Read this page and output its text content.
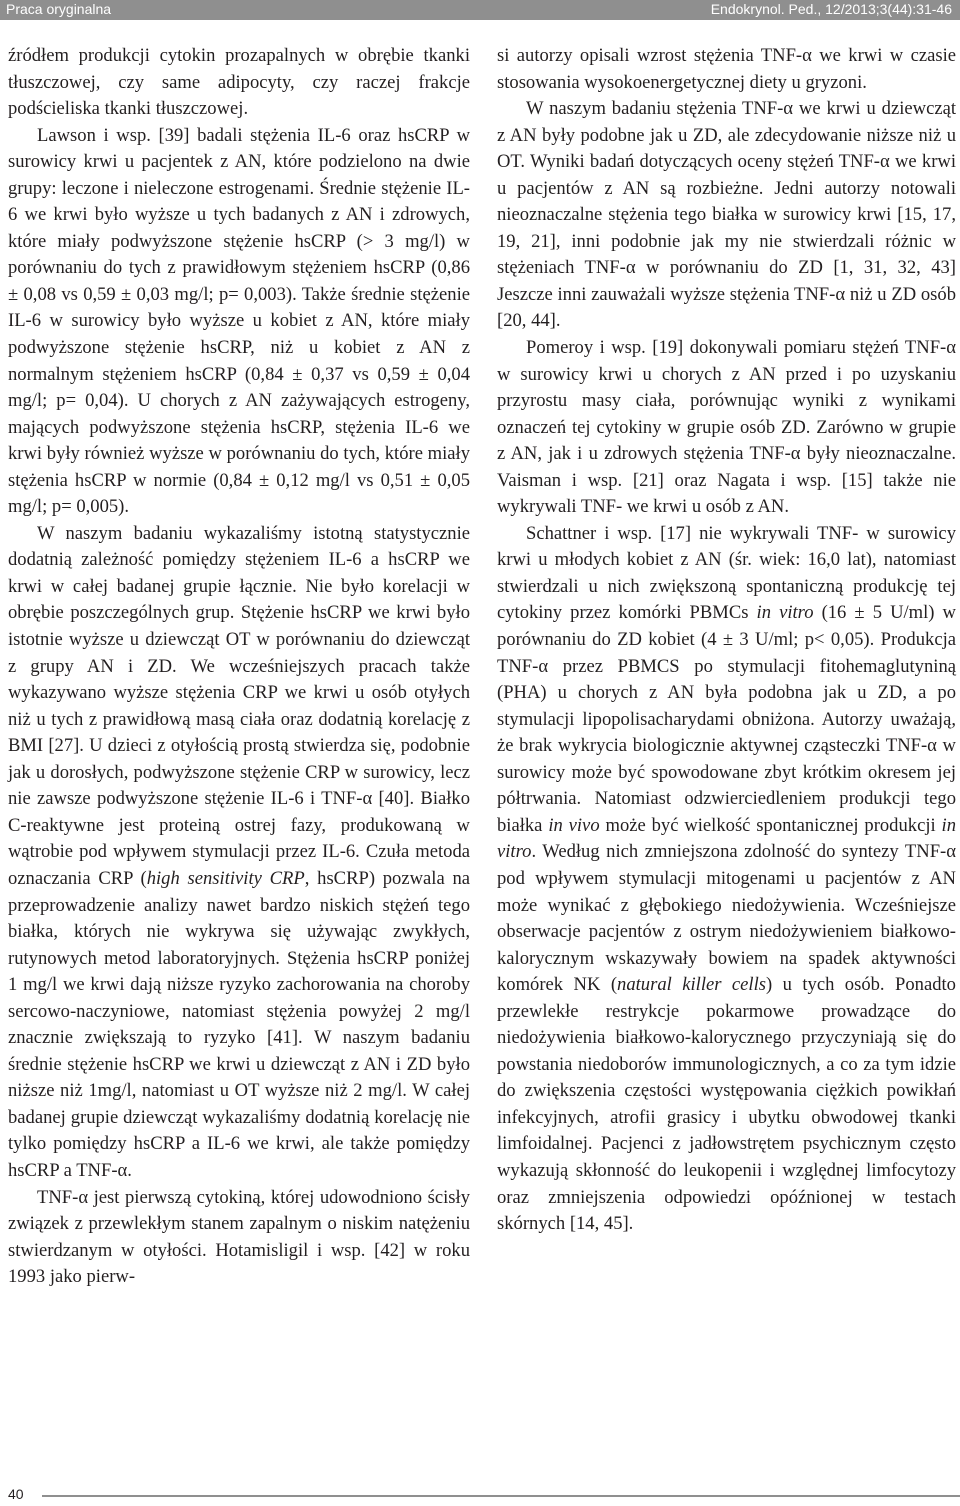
Praca oryginalna	Endokrynol. Ped., 12/2013;3(44):31-46

źródłem produkcji cytokin prozapalnych w obrębie tkanki tłuszczowej, czy same adipocyty, czy raczej frakcje podścieliska tkanki tłuszczowej.

Lawson i wsp. [39] badali stężenia IL-6 oraz hsCRP w surowicy krwi u pacjentek z AN, które podzielono na dwie grupy: leczone i nieleczone estrogenami. Średnie stężenie IL-6 we krwi było wyższe u tych badanych z AN i zdrowych, które miały podwyższone stężenie hsCRP (> 3 mg/l) w porównaniu do tych z prawidłowym stężeniem hsCRP (0,86 ± 0,08 vs 0,59 ± 0,03 mg/l; p= 0,003). Także średnie stężenie IL-6 w surowicy było wyższe u kobiet z AN, które miały podwyższone stężenie hsCRP, niż u kobiet z AN z normalnym stężeniem hsCRP (0,84 ± 0,37 vs 0,59 ± 0,04 mg/l; p= 0,04). U chorych z AN zażywających estrogeny, mających podwyższone stężenia hsCRP, stężenia IL-6 we krwi były również wyższe w porównaniu do tych, które miały stężenia hsCRP w normie (0,84 ± 0,12 mg/l vs 0,51 ± 0,05 mg/l; p= 0,005).

W naszym badaniu wykazaliśmy istotną statystycznie dodatnią zależność pomiędzy stężeniem IL-6 a hsCRP we krwi w całej badanej grupie łącznie. Nie było korelacji w obrębie poszczególnych grup. Stężenie hsCRP we krwi było istotnie wyższe u dziewcząt OT w porównaniu do dziewcząt z grupy AN i ZD. We wcześniejszych pracach także wykazywano wyższe stężenia CRP we krwi u osób otyłych niż u tych z prawidłową masą ciała oraz dodatnią korelację z BMI [27]. U dzieci z otyłością prostą stwierdza się, podobnie jak u dorosłych, podwyższone stężenie CRP w surowicy, lecz nie zawsze podwyższone stężenie IL-6 i TNF-α [40]. Białko C-reaktywne jest proteiną ostrej fazy, produkowaną w wątrobie pod wpływem stymulacji przez IL-6. Czuła metoda oznaczania CRP (high sensitivity CRP, hsCRP) pozwala na przeprowadzenie analizy nawet bardzo niskich stężeń tego białka, których nie wykrywa się używając zwykłych, rutynowych metod laboratoryjnych. Stężenia hsCRP poniżej 1 mg/l we krwi dają niższe ryzyko zachorowania na choroby sercowo-naczyniowe, natomiast stężenia powyżej 2 mg/l znacznie zwiększają to ryzyko [41]. W naszym badaniu średnie stężenie hsCRP we krwi u dziewcząt z AN i ZD było niższe niż 1mg/l, natomiast u OT wyższe niż 2 mg/l. W całej badanej grupie dziewcząt wykazaliśmy dodatnią korelację nie tylko pomiędzy hsCRP a IL-6 we krwi, ale także pomiędzy hsCRP a TNF-α.

TNF-α jest pierwszą cytokiną, której udowodniono ścisły związek z przewlekłym stanem zapalnym o niskim natężeniu stwierdzanym w otyłości. Hotamisligil i wsp. [42] w roku 1993 jako pierw-

si autorzy opisali wzrost stężenia TNF-α we krwi w czasie stosowania wysokoenergetycznej diety u gryzoni.

W naszym badaniu stężenia TNF-α we krwi u dziewcząt z AN były podobne jak u ZD, ale zdecydowanie niższe niż u OT. Wyniki badań dotyczących oceny stężeń TNF-α we krwi u pacjentów z AN są rozbieżne. Jedni autorzy notowali nieoznaczalne stężenia tego białka w surowicy krwi [15, 17, 19, 21], inni podobnie jak my nie stwierdzali różnic w stężeniach TNF-α w porównaniu do ZD [1, 31, 32, 43] Jeszcze inni zauważali wyższe stężenia TNF-α niż u ZD osób [20, 44].

Pomeroy i wsp. [19] dokonywali pomiaru stężeń TNF-α w surowicy krwi u chorych z AN przed i po uzyskaniu przyrostu masy ciała, porównując wyniki z wynikami oznaczeń tej cytokiny w grupie osób ZD. Zarówno w grupie z AN, jak i u zdrowych stężenia TNF-α były nieoznaczalne. Vaisman i wsp. [21] oraz Nagata i wsp. [15] także nie wykrywali TNF- we krwi u osób z AN.

Schattner i wsp. [17] nie wykrywali TNF- w surowicy krwi u młodych kobiet z AN (śr. wiek: 16,0 lat), natomiast stwierdzali u nich zwiększoną spontaniczną produkcję tej cytokiny przez komórki PBMCs in vitro (16 ± 5 U/ml) w porównaniu do ZD kobiet (4 ± 3 U/ml; p< 0,05). Produkcja TNF-α przez PBMCS po stymulacji fitohemaglutyniną (PHA) u chorych z AN była podobna jak u ZD, a po stymulacji lipopolisacharydami obniżona. Autorzy uważają, że brak wykrycia biologicznie aktywnej cząsteczki TNF-α w surowicy może być spowodowane zbyt krótkim okresem jej półtrwania. Natomiast odzwierciedleniem produkcji tego białka in vivo może być wielkość spontanicznej produkcji in vitro. Według nich zmniejszona zdolność do syntezy TNF-α pod wpływem stymulacji mitogenami u pacjentów z AN może wynikać z głębokiego niedożywienia. Wcześniejsze obserwacje pacjentów z ostrym niedożywieniem białkowo-kalorycznym wskazywały bowiem na spadek aktywności komórek NK (natural killer cells) u tych osób. Ponadto przewlekłe restrykcje pokarmowe prowadzące do niedożywienia białkowo-kalorycznego przyczyniają się do powstania niedoborów immunologicznych, a co za tym idzie do zwiększenia częstości występowania ciężkich powikłań infekcyjnych, atrofii grasicy i ubytku obwodowej tkanki limfoidalnej. Pacjenci z jadłowstrętem psychicznym często wykazują skłonność do leukopenii i względnej limfocytozy oraz zmniejszenia odpowiedzi opóźnionej w testach skórnych [14, 45].

40
